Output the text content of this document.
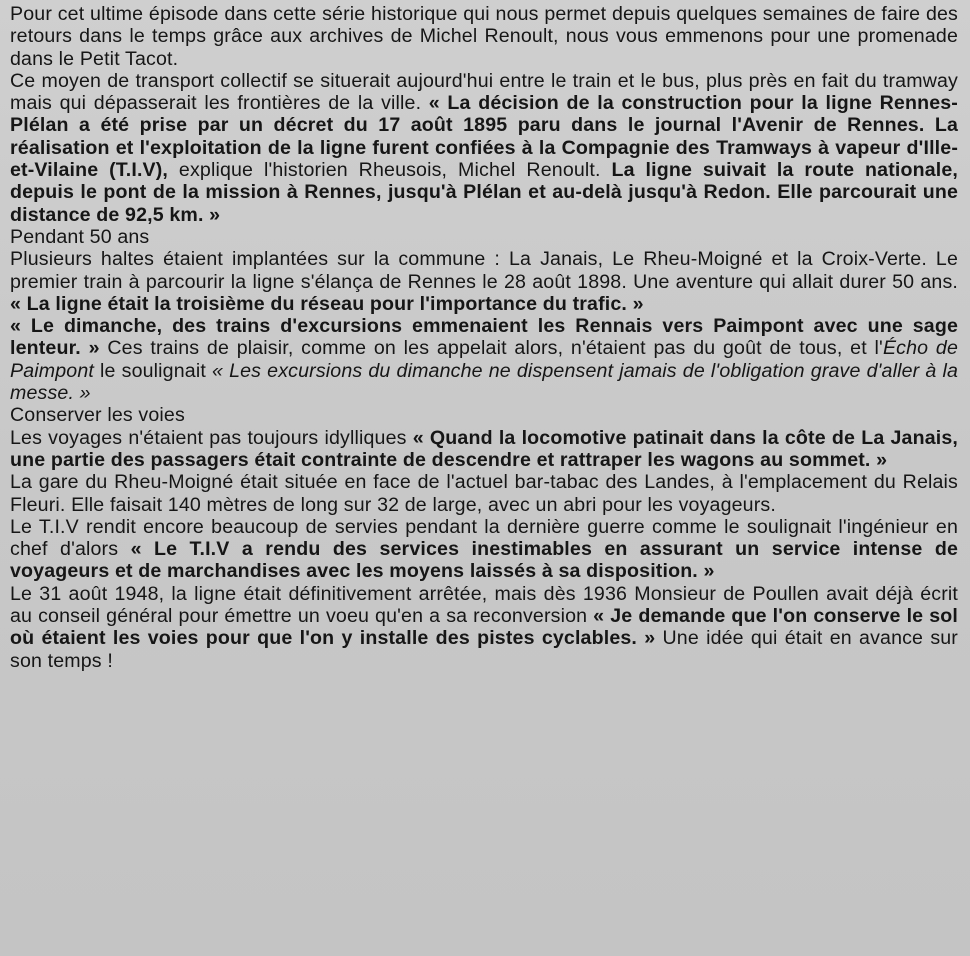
Pour cet ultime épisode dans cette série historique qui nous permet depuis quelques semaines de faire des retours dans le temps grâce aux archives de Michel Renoult, nous vous emmenons pour une promenade dans le Petit Tacot.

Ce moyen de transport collectif se situerait aujourd'hui entre le train et le bus, plus près en fait du tramway mais qui dépasserait les frontières de la ville. « La décision de la construction pour la ligne Rennes-Plélan a été prise par un décret du 17 août 1895 paru dans le journal l'Avenir de Rennes. La réalisation et l'exploitation de la ligne furent confiées à la Compagnie des Tramways à vapeur d'Ille-et-Vilaine (T.I.V), explique l'historien Rheusois, Michel Renoult. La ligne suivait la route nationale, depuis le pont de la mission à Rennes, jusqu'à Plélan et au-delà jusqu'à Redon. Elle parcourait une distance de 92,5 km. »

Pendant 50 ans

Plusieurs haltes étaient implantées sur la commune : La Janais, Le Rheu-Moigné et la Croix-Verte. Le premier train à parcourir la ligne s'élança de Rennes le 28 août 1898. Une aventure qui allait durer 50 ans. « La ligne était la troisième du réseau pour l'importance du trafic. »

« Le dimanche, des trains d'excursions emmenaient les Rennais vers Paimpont avec une sage lenteur. » Ces trains de plaisir, comme on les appelait alors, n'étaient pas du goût de tous, et l'Écho de Paimpont le soulignait « Les excursions du dimanche ne dispensent jamais de l'obligation grave d'aller à la messe. »

Conserver les voies

Les voyages n'étaient pas toujours idylliques « Quand la locomotive patinait dans la côte de La Janais, une partie des passagers était contrainte de descendre et rattraper les wagons au sommet. »

La gare du Rheu-Moigné était située en face de l'actuel bar-tabac des Landes, à l'emplacement du Relais Fleuri. Elle faisait 140 mètres de long sur 32 de large, avec un abri pour les voyageurs.

Le T.I.V rendit encore beaucoup de servies pendant la dernière guerre comme le soulignait l'ingénieur en chef d'alors « Le T.I.V a rendu des services inestimables en assurant un service intense de voyageurs et de marchandises avec les moyens laissés à sa disposition. »

Le 31 août 1948, la ligne était définitivement arrêtée, mais dès 1936 Monsieur de Poullen avait déjà écrit au conseil général pour émettre un voeu qu'en a sa reconversion « Je demande que l'on conserve le sol où étaient les voies pour que l'on y installe des pistes cyclables. » Une idée qui était en avance sur son temps !
